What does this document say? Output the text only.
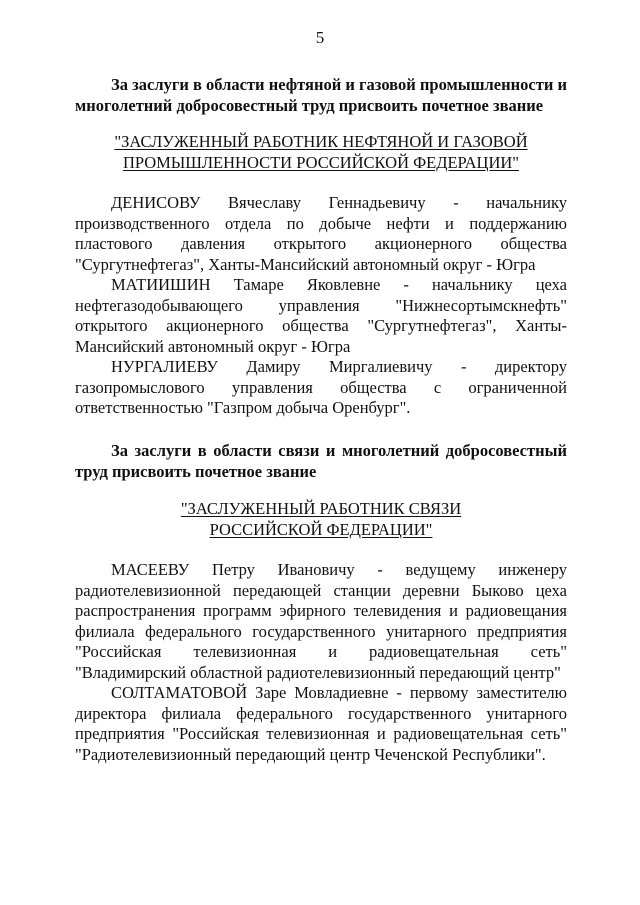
5
За заслуги в области нефтяной и газовой промышленности и многолетний добросовестный труд присвоить почетное звание
"ЗАСЛУЖЕННЫЙ РАБОТНИК НЕФТЯНОЙ И ГАЗОВОЙ
ПРОМЫШЛЕННОСТИ РОССИЙСКОЙ ФЕДЕРАЦИИ"

ДЕНИСОВУ Вячеславу Геннадьевичу - начальнику производственного отдела по добыче нефти и поддержанию пластового давления открытого акционерного общества "Сургутнефтегаз", Ханты-Мансийский автономный округ - Югра

МАТИИШИН Тамаре Яковлевне - начальнику цеха нефтегазодобывающего управления "Нижнесортымскнефть" открытого акционерного общества "Сургутнефтегаз", Ханты-Мансийский автономный округ - Югра

НУРГАЛИЕВУ Дамиру Миргалиевичу - директору газопромыслового управления общества с ограниченной ответственностью "Газпром добыча Оренбург".

За заслуги в области связи и многолетний добросовестный труд присвоить почетное звание
"ЗАСЛУЖЕННЫЙ РАБОТНИК СВЯЗИ
РОССИЙСКОЙ ФЕДЕРАЦИИ"

МАСЕЕВУ Петру Ивановичу - ведущему инженеру радиотелевизионной передающей станции деревни Быково цеха распространения программ эфирного телевидения и радиовещания филиала федерального государственного унитарного предприятия "Российская телевизионная и радиовещательная сеть" "Владимирский областной радиотелевизионный передающий центр"

СОЛТАМАТОВОЙ Заре Мовладиевне - первому заместителю директора филиала федерального государственного унитарного предприятия "Российская телевизионная и радиовещательная сеть" "Радиотелевизионный передающий центр Чеченской Республики".
